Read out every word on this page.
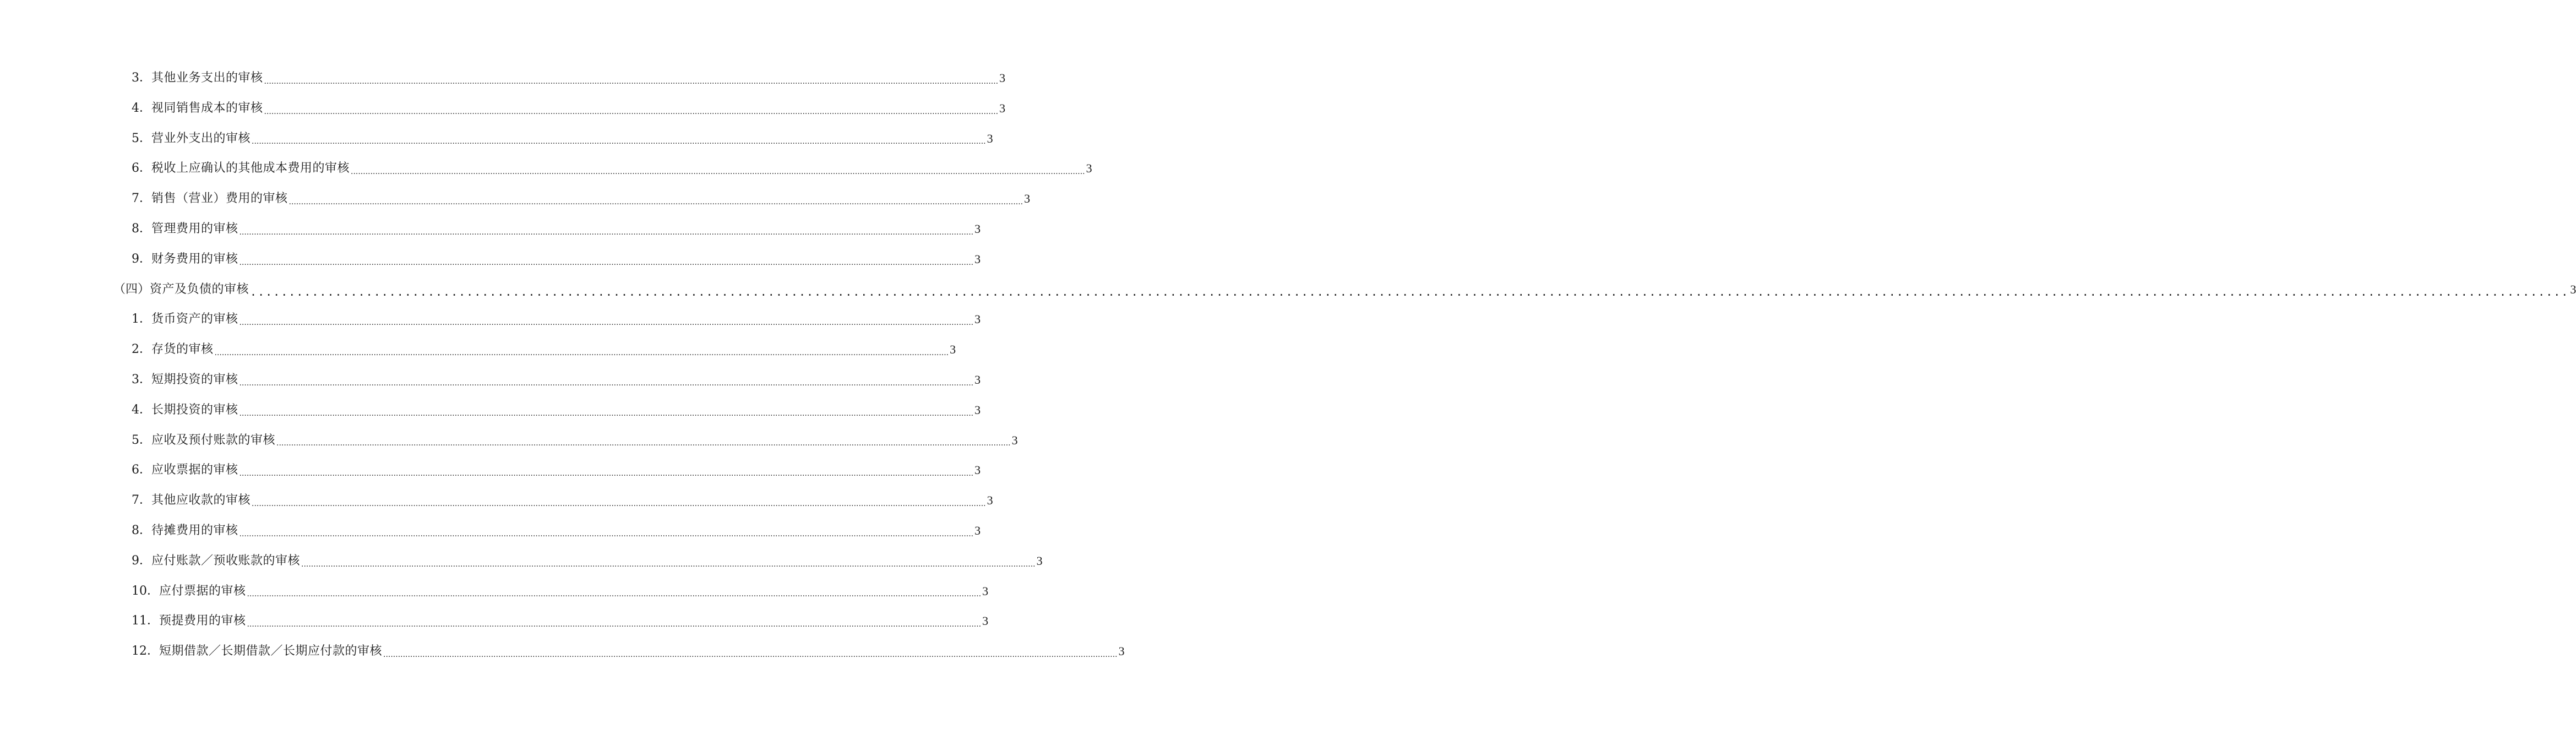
3． 其他业务支出的审核 ............................................................................................................................................................................................................................................................................................................ 3
4． 视同销售成本的审核 ............................................................................................................................................................................................................................................................................................................ 3
5． 营业外支出的审核 ............................................................................................................................................................................................................................................................................................................ 3
6． 税收上应确认的其他成本费用的审核 ............................................................................................................................................................................................................................................................................................................ 3
7． 销售（营业）费用的审核 ............................................................................................................................................................................................................................................................................................................ 3
8． 管理费用的审核 ............................................................................................................................................................................................................................................................................................................ 3
9． 财务费用的审核 ............................................................................................................................................................................................................................................................................................................ 3
（四） 资产及负债的审核 ............................................................................................................................................................................................................................................................................................................ 3
1． 货币资产的审核 ............................................................................................................................................................................................................................................................................................................ 3
2． 存货的审核 ............................................................................................................................................................................................................................................................................................................ 3
3． 短期投资的审核 ............................................................................................................................................................................................................................................................................................................ 3
4． 长期投资的审核 ............................................................................................................................................................................................................................................................................................................ 3
5． 应收及预付账款的审核 ............................................................................................................................................................................................................................................................................................................ 3
6． 应收票据的审核 ............................................................................................................................................................................................................................................................................................................ 3
7． 其他应收款的审核 ............................................................................................................................................................................................................................................................................................................ 3
8． 待摊费用的审核 ............................................................................................................................................................................................................................................................................................................ 3
9． 应付账款／预收账款的审核 ............................................................................................................................................................................................................................................................................................................ 3
10． 应付票据的审核 ............................................................................................................................................................................................................................................................................................................ 3
11． 预提费用的审核 ............................................................................................................................................................................................................................................................................................................ 3
12． 短期借款／长期借款／长期应付款的审核 ............................................................................................................................................................................................................................................................................................................ 3
